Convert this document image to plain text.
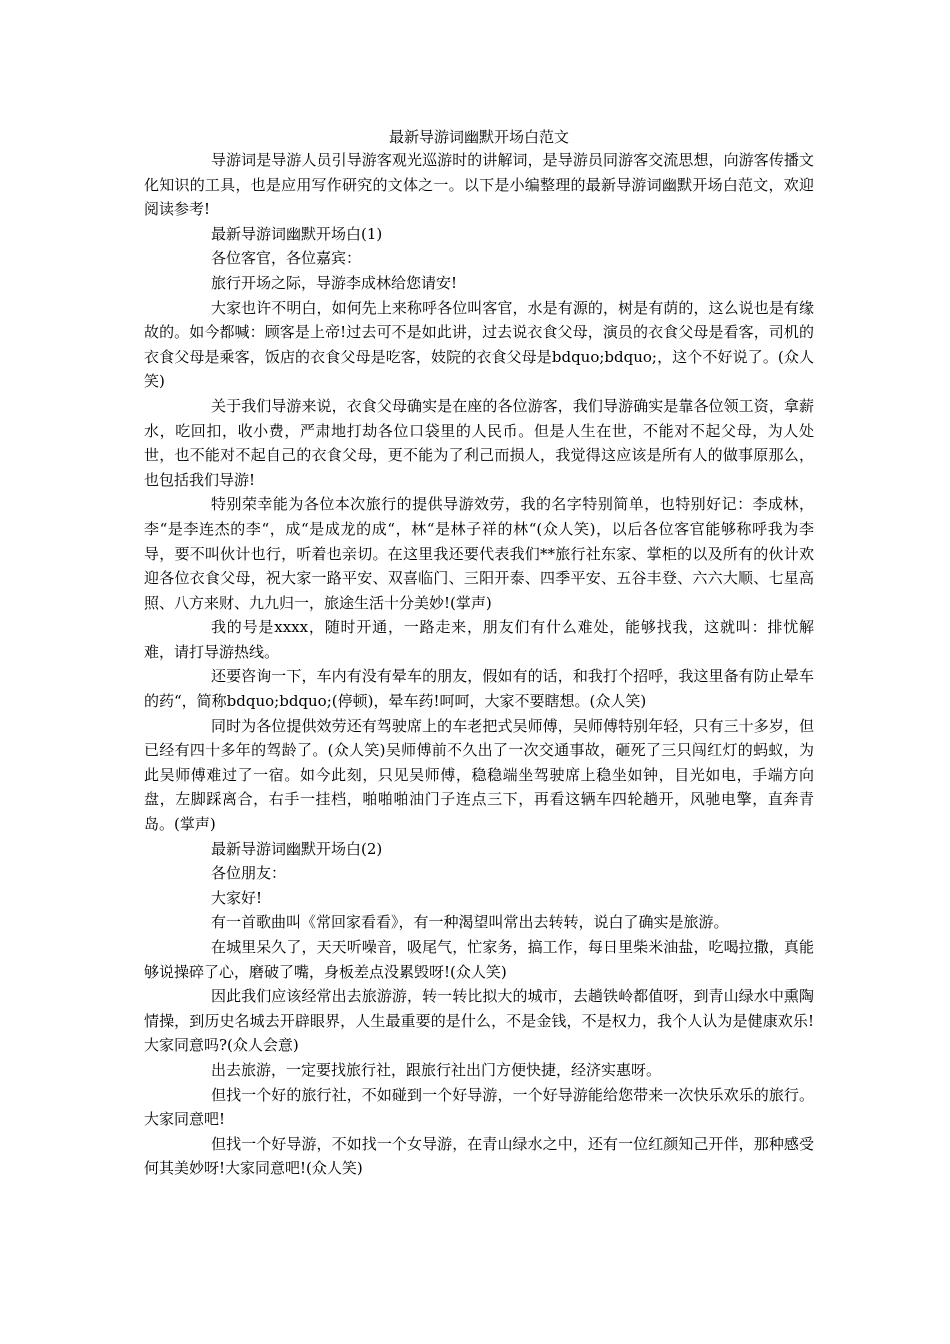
最新导游词幽默开场白范文

导游词是导游人员引导游客观光巡游时的讲解词，是导游员同游客交流思想，向游客传播文化知识的工具，也是应用写作研究的文体之一。以下是小编整理的最新导游词幽默开场白范文，欢迎阅读参考!

最新导游词幽默开场白(1)

各位客官，各位嘉宾：

旅行开场之际，导游李成林给您请安!

大家也许不明白，如何先上来称呼各位叫客官，水是有源的，树是有荫的，这么说也是有缘故的。如今都喊：顾客是上帝!过去可不是如此讲，过去说衣食父母，演员的衣食父母是看客，司机的衣食父母是乘客，饭店的衣食父母是吃客，妓院的衣食父母是bdquo;bdquo;，这个不好说了。(众人笑)

关于我们导游来说，衣食父母确实是在座的各位游客，我们导游确实是靠各位领工资，拿薪水，吃回扣，收小费，严肃地打劫各位口袋里的人民币。但是人生在世，不能对不起父母，为人处世，也不能对不起自己的衣食父母，更不能为了利己而损人，我觉得这应该是所有人的做事原那么，也包括我们导游!

特别荣幸能为各位本次旅行的提供导游效劳，我的名字特别简单，也特别好记：李成林，李“是李连杰的李“，成“是成龙的成“，林“是林子祥的林“(众人笑)，以后各位客官能够称呼我为李导，要不叫伙计也行，听着也亲切。在这里我还要代表我们**旅行社东家、掌柜的以及所有的伙计欢迎各位衣食父母，祝大家一路平安、双喜临门、三阳开泰、四季平安、五谷丰登、六六大顺、七星高照、八方来财、九九归一，旅途生活十分美妙!(掌声)

我的号是xxxx，随时开通，一路走来，朋友们有什么难处，能够找我，这就叫：排忧解难，请打导游热线。

还要咨询一下，车内有没有晕车的朋友，假如有的话，和我打个招呼，我这里备有防止晕车的药“，简称bdquo;bdquo;(停顿)，晕车药!呵呵，大家不要瞎想。(众人笑)

同时为各位提供效劳还有驾驶席上的车老把式吴师傅，吴师傅特别年轻，只有三十多岁，但已经有四十多年的驾龄了。(众人笑)吴师傅前不久出了一次交通事故，砸死了三只闯红灯的蚂蚁，为此吴师傅难过了一宿。如今此刻，只见吴师傅，稳稳端坐驾驶席上稳坐如钟，目光如电，手端方向盘，左脚踩离合，右手一挂档，啪啪啪油门子连点三下，再看这辆车四轮趟开，风驰电擎，直奔青岛。(掌声)

最新导游词幽默开场白(2)

各位朋友：

大家好!

有一首歌曲叫《常回家看看》，有一种渴望叫常出去转转，说白了确实是旅游。

在城里呆久了，天天听噪音，吸尾气，忙家务，搞工作，每日里柴米油盐，吃喝拉撒，真能够说操碎了心，磨破了嘴，身板差点没累毁呀!(众人笑)

因此我们应该经常出去旅游游，转一转比拟大的城市，去趟铁岭都值呀，到青山绿水中熏陶情操，到历史名城去开辟眼界，人生最重要的是什么，不是金钱，不是权力，我个人认为是健康欢乐!大家同意吗?(众人会意)

出去旅游，一定要找旅行社，跟旅行社出门方便快捷，经济实惠呀。

但找一个好的旅行社，不如碰到一个好导游，一个好导游能给您带来一次快乐欢乐的旅行。大家同意吧!

但找一个好导游，不如找一个女导游，在青山绿水之中，还有一位红颜知己开伴，那种感受何其美妙呀!大家同意吧!(众人笑)
